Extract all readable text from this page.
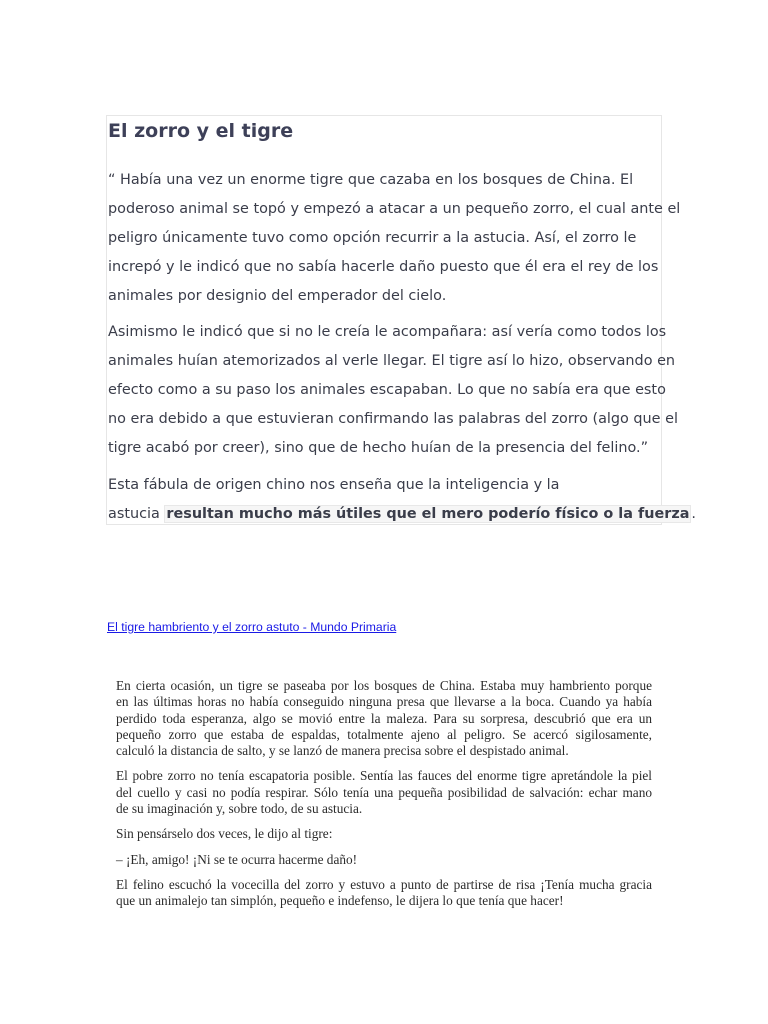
El zorro y el tigre

“ Había una vez un enorme tigre que cazaba en los bosques de China. El
poderoso animal se topó y empezó a atacar a un pequeño zorro, el cual ante el
peligro únicamente tuvo como opción recurrir a la astucia. Así, el zorro le
increpó y le indicó que no sabía hacerle daño puesto que él era el rey de los
animales por designio del emperador del cielo.

Asimismo le indicó que si no le creía le acompañara: así vería como todos los
animales huían atemorizados al verle llegar. El tigre así lo hizo, observando en
efecto como a su paso los animales escapaban. Lo que no sabía era que esto
no era debido a que estuvieran confirmando las palabras del zorro (algo que el
tigre acabó por creer), sino que de hecho huían de la presencia del felino.”

Esta fábula de origen chino nos enseña que la inteligencia y la
astucia resultan mucho más útiles que el mero poderío físico o la fuerza .

El tigre hambriento y el zorro astuto - Mundo Primaria

En cierta ocasión, un tigre se paseaba por los bosques de China. Estaba muy hambriento porque
en las últimas horas no había conseguido ninguna presa que llevarse a la boca. Cuando ya había
perdido toda esperanza, algo se movió entre la maleza. Para su sorpresa, descubrió que era un
pequeño zorro que estaba de espaldas, totalmente ajeno al peligro. Se acercó sigilosamente,
calculó la distancia de salto, y se lanzó de manera precisa sobre el despistado animal.

El pobre zorro no tenía escapatoria posible. Sentía las fauces del enorme tigre apretándole la piel
del cuello y casi no podía respirar. Sólo tenía una pequeña posibilidad de salvación: echar mano
de su imaginación y, sobre todo, de su astucia.

Sin pensárselo dos veces, le dijo al tigre:

– ¡Eh, amigo! ¡Ni se te ocurra hacerme daño!

El felino escuchó la vocecilla del zorro y estuvo a punto de partirse de risa ¡Tenía mucha gracia
que un animalejo tan simplón, pequeño e indefenso, le dijera lo que tenía que hacer!
